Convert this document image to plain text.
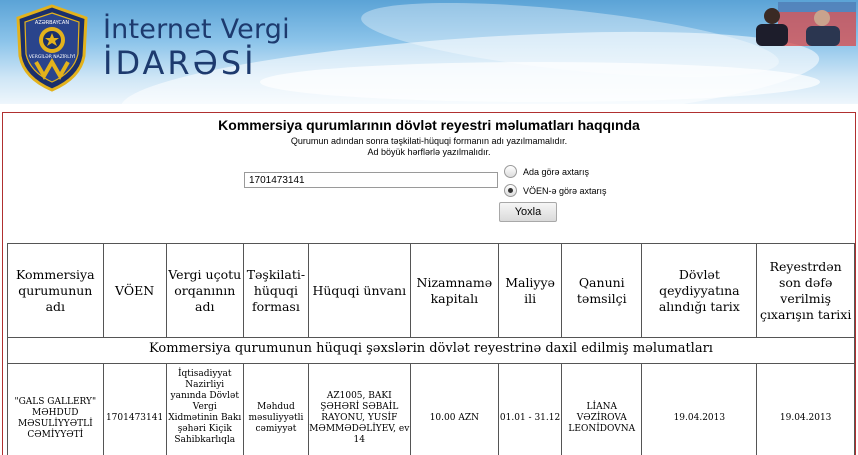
AZƏRBAYCAN
VERGİLƏR NAZİRLİYİ
İnternet Vergi
İDARƏSİ
Kommersiya qurumlarının dövlət reyestri məlumatları haqqında
Qurumun adından sonra təşkilati-hüquqi formanın adı yazılmamalıdır.
Ad böyük hərflərlə yazılmalıdır.
1701473141
Ada görə axtarış
VÖEN-ə görə axtarış
Yoxla
Kommersiya qurumunun hüquqi şəxslərin dövlət reyestrinə daxil edilmiş məlumatları									
Kommersiya qurumunun adı	VÖEN	Vergi uçotu orqanının adı	Təşkilati-hüquqi forması	Hüquqi ünvanı	Nizamnamə kapitalı	Maliyyə ili	Qanuni təmsilçi	Dövlət qeydiyyatına alındığı tarix	Reyestrdən son dəfə verilmiş çıxarışın tarixi
"GALS GALLERY" MƏHDUD MƏSULİYYƏTLİ CƏMİYYƏTİ	1701473141	İqtisadiyyat Nazirliyi yanında Dövlət Vergi Xidmətinin Bakı şəhəri Kiçik Sahibkarlıqla	Məhdud məsuliyyətli cəmiyyət	AZ1005, BAKI ŞƏHƏRİ SƏBAİL RAYONU, YUSİF MƏMMƏDƏLİYEV, ev 14	10.00 AZN	01.01 - 31.12	LİANA VƏZİROVA LEONİDOVNA	19.04.2013	19.04.2013
